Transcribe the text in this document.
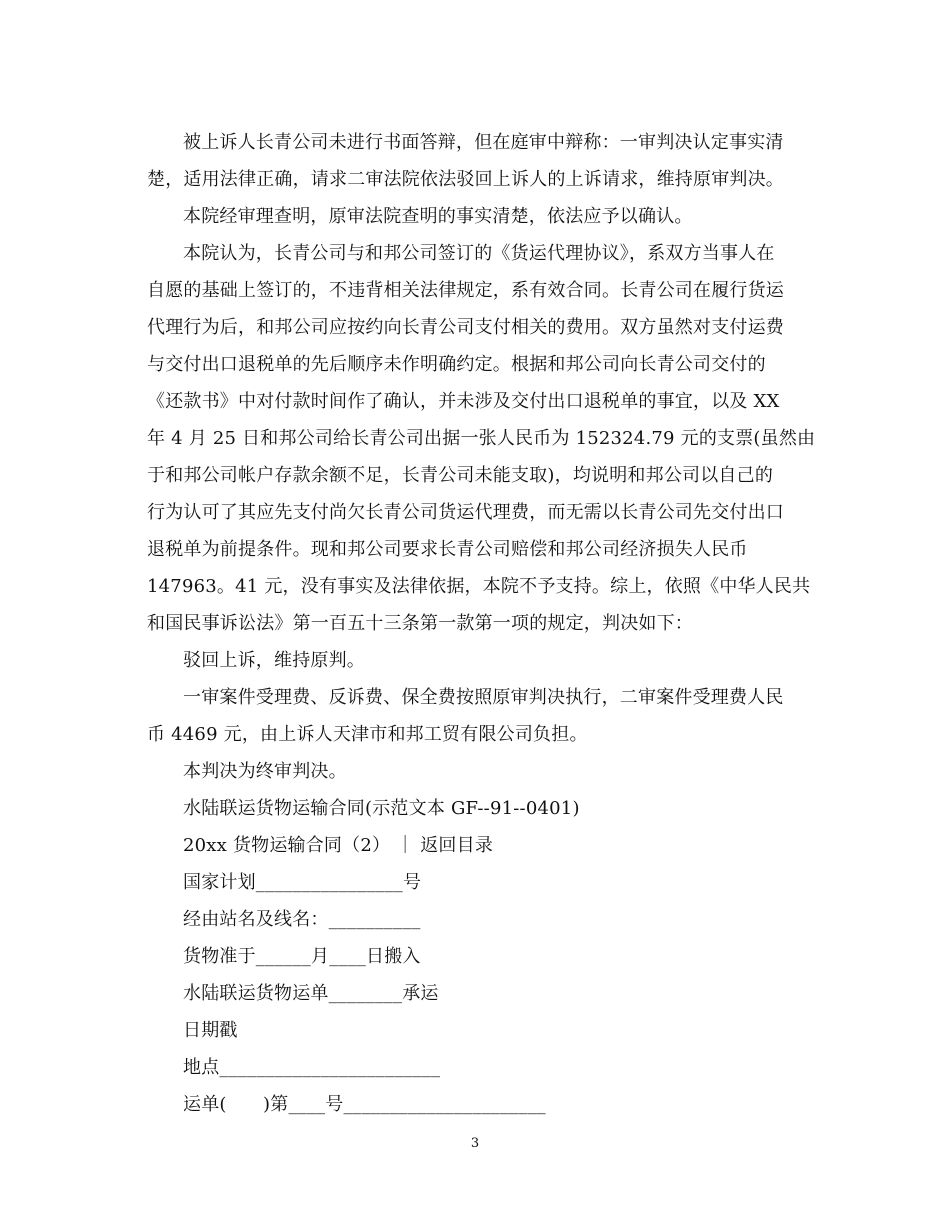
被上诉人长青公司未进行书面答辩，但在庭审中辩称：一审判决认定事实清
楚，适用法律正确，请求二审法院依法驳回上诉人的上诉请求，维持原审判决。
本院经审理查明，原审法院查明的事实清楚，依法应予以确认。
本院认为，长青公司与和邦公司签订的《货运代理协议》，系双方当事人在
自愿的基础上签订的，不违背相关法律规定，系有效合同。长青公司在履行货运
代理行为后，和邦公司应按约向长青公司支付相关的费用。双方虽然对支付运费
与交付出口退税单的先后顺序未作明确约定。根据和邦公司向长青公司交付的
《还款书》中对付款时间作了确认，并未涉及交付出口退税单的事宜，以及 XX
年 4 月 25 日和邦公司给长青公司出据一张人民币为 152324.79 元的支票(虽然由
于和邦公司帐户存款余额不足，长青公司未能支取)，均说明和邦公司以自己的
行为认可了其应先支付尚欠长青公司货运代理费，而无需以长青公司先交付出口
退税单为前提条件。现和邦公司要求长青公司赔偿和邦公司经济损失人民币
147963。41 元，没有事实及法律依据，本院不予支持。综上，依照《中华人民共
和国民事诉讼法》第一百五十三条第一款第一项的规定，判决如下：
驳回上诉，维持原判。
一审案件受理费、反诉费、保全费按照原审判决执行，二审案件受理费人民
币 4469 元，由上诉人天津市和邦工贸有限公司负担。
本判决为终审判决。
水陆联运货物运输合同(示范文本 GF--91--0401)
20xx 货物运输合同（2） ｜ 返回目录
国家计划________________号
经由站名及线名：__________
货物准于______月____日搬入
水陆联运货物运单________承运
日期戳
地点________________________
运单(　　)第____号______________________
3
